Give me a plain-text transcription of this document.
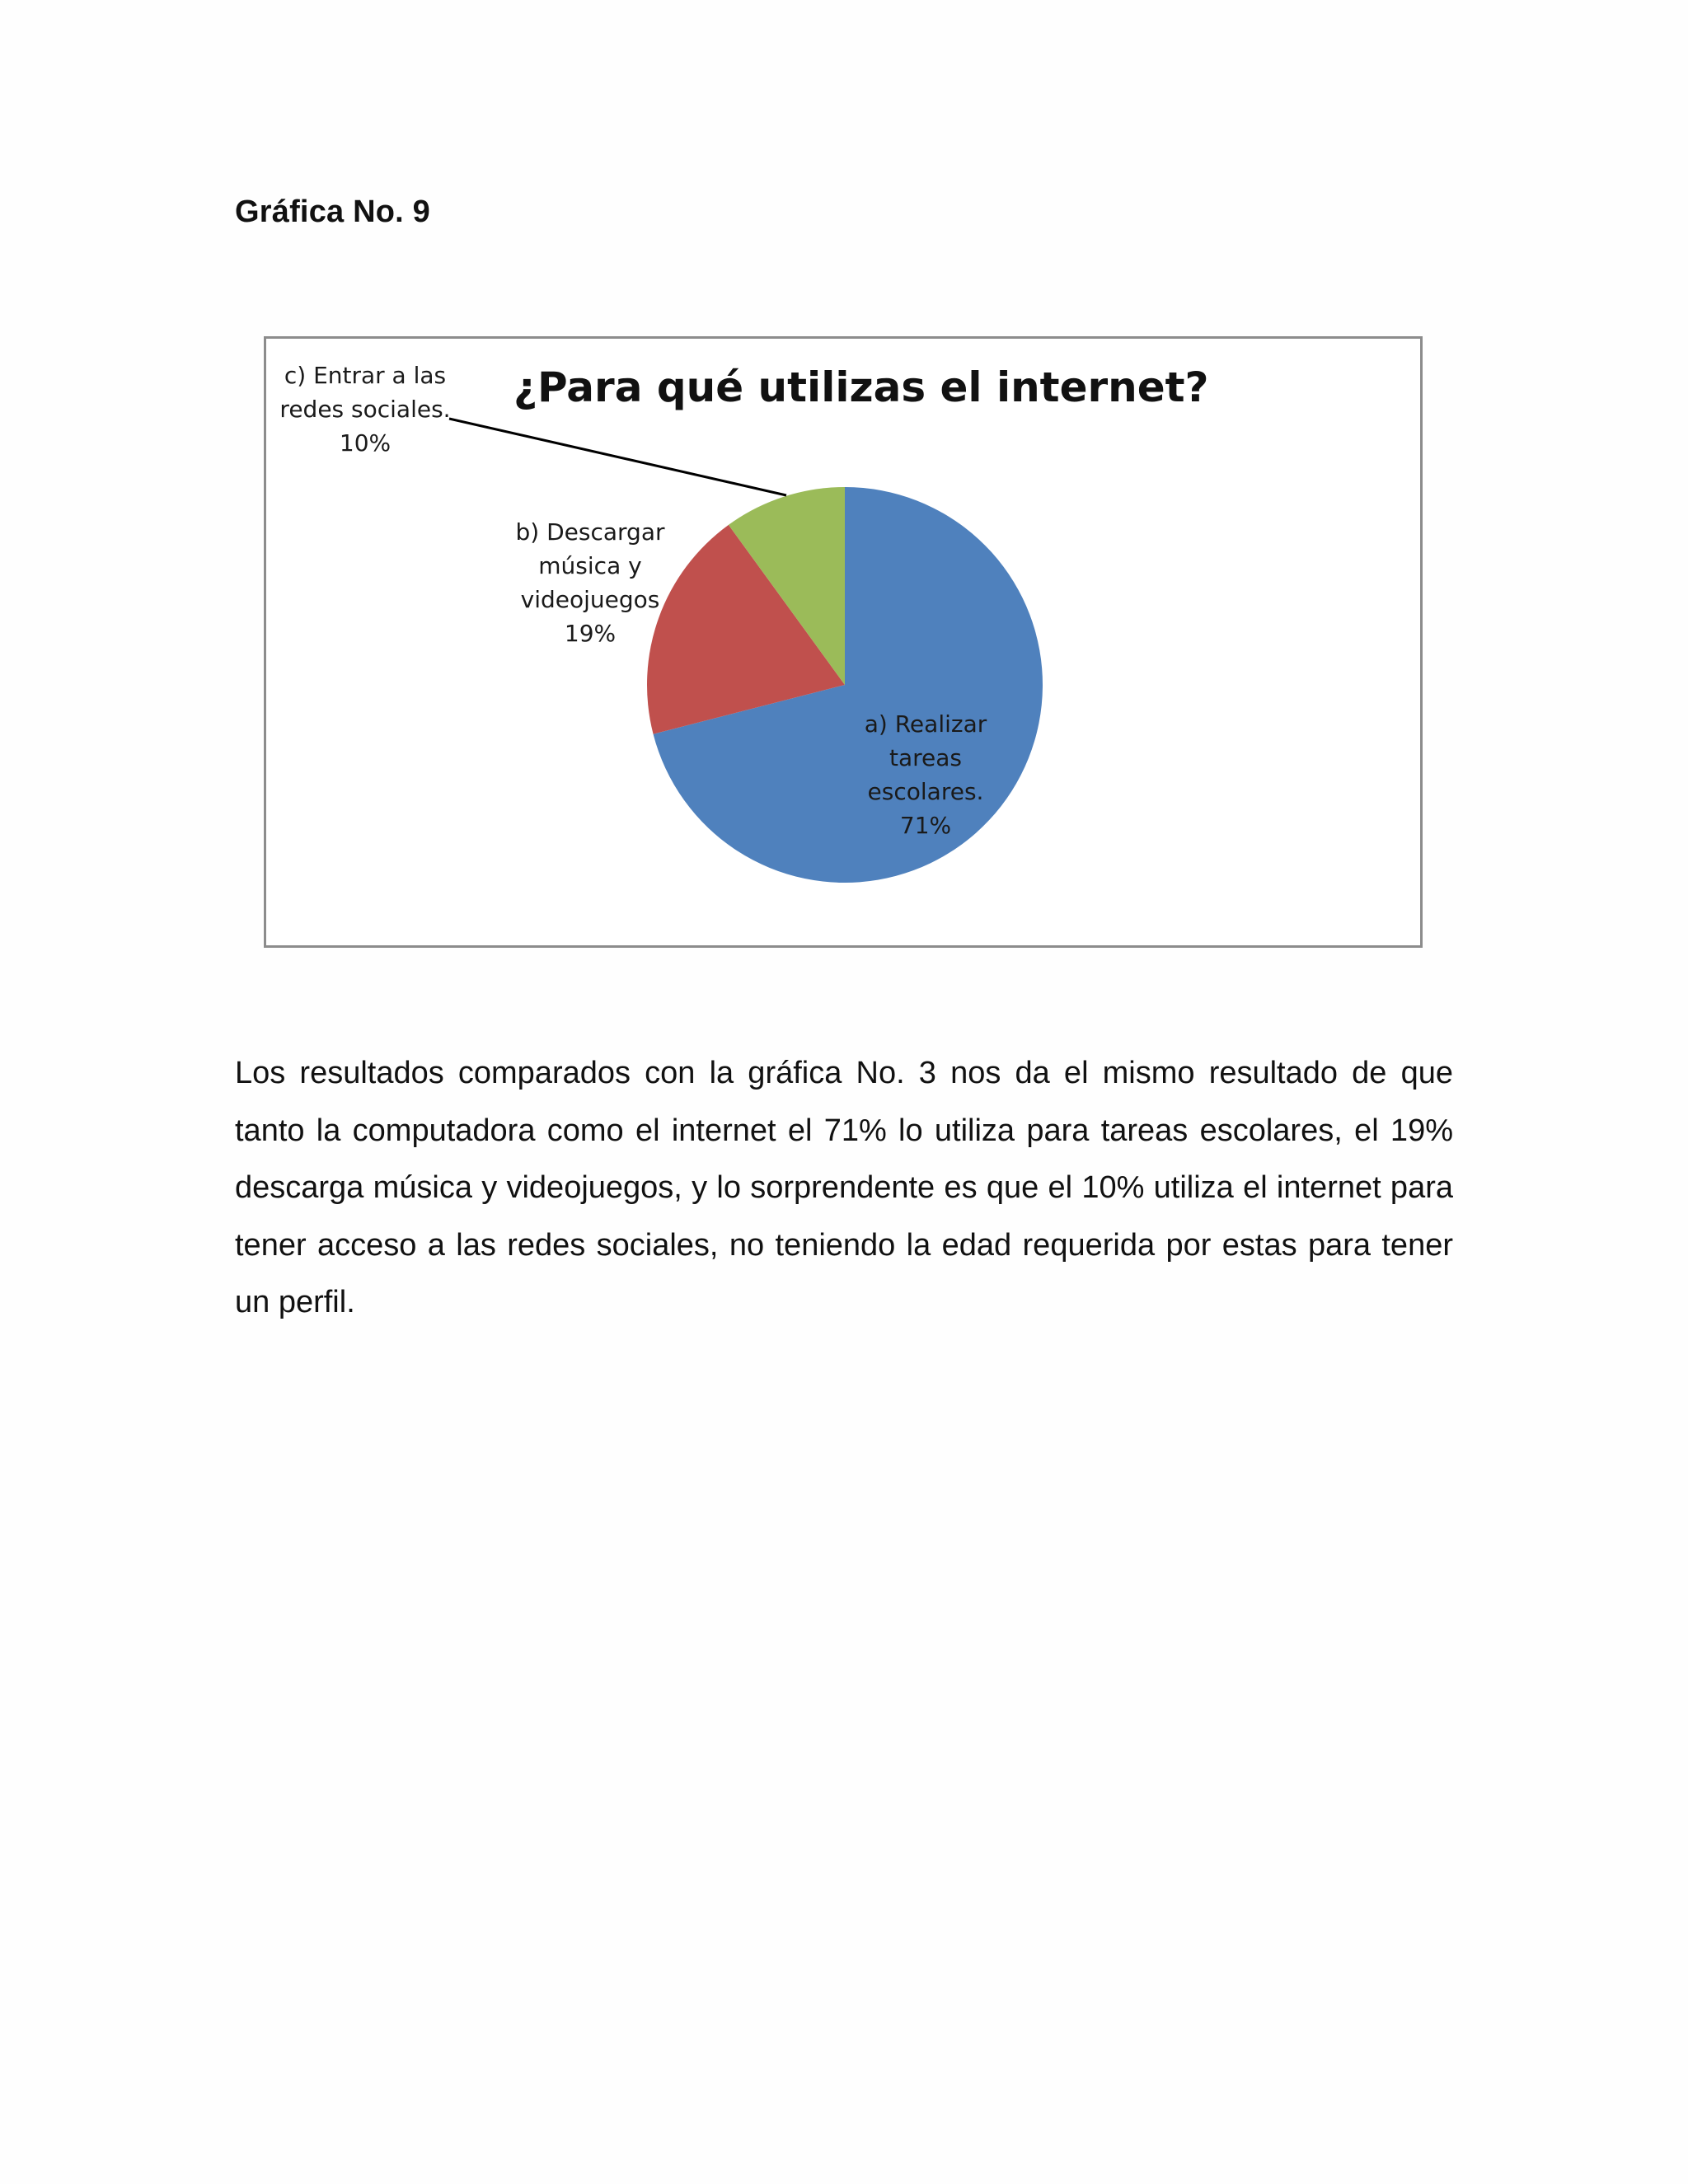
Gráfica No. 9
¿Para qué utilizas el internet?
a) Realizar
tareas
escolares.
71%
b) Descargar
música y
videojuegos
19%
c) Entrar a las
redes sociales.
10%

Los resultados comparados con la gráfica No. 3 nos da el mismo resultado de que tanto la computadora como el internet el 71% lo utiliza para tareas escolares, el 19% descarga música y videojuegos, y lo sorprendente es que el 10% utiliza el internet para tener acceso a las redes sociales, no teniendo la edad requerida por estas para tener un perfil.
